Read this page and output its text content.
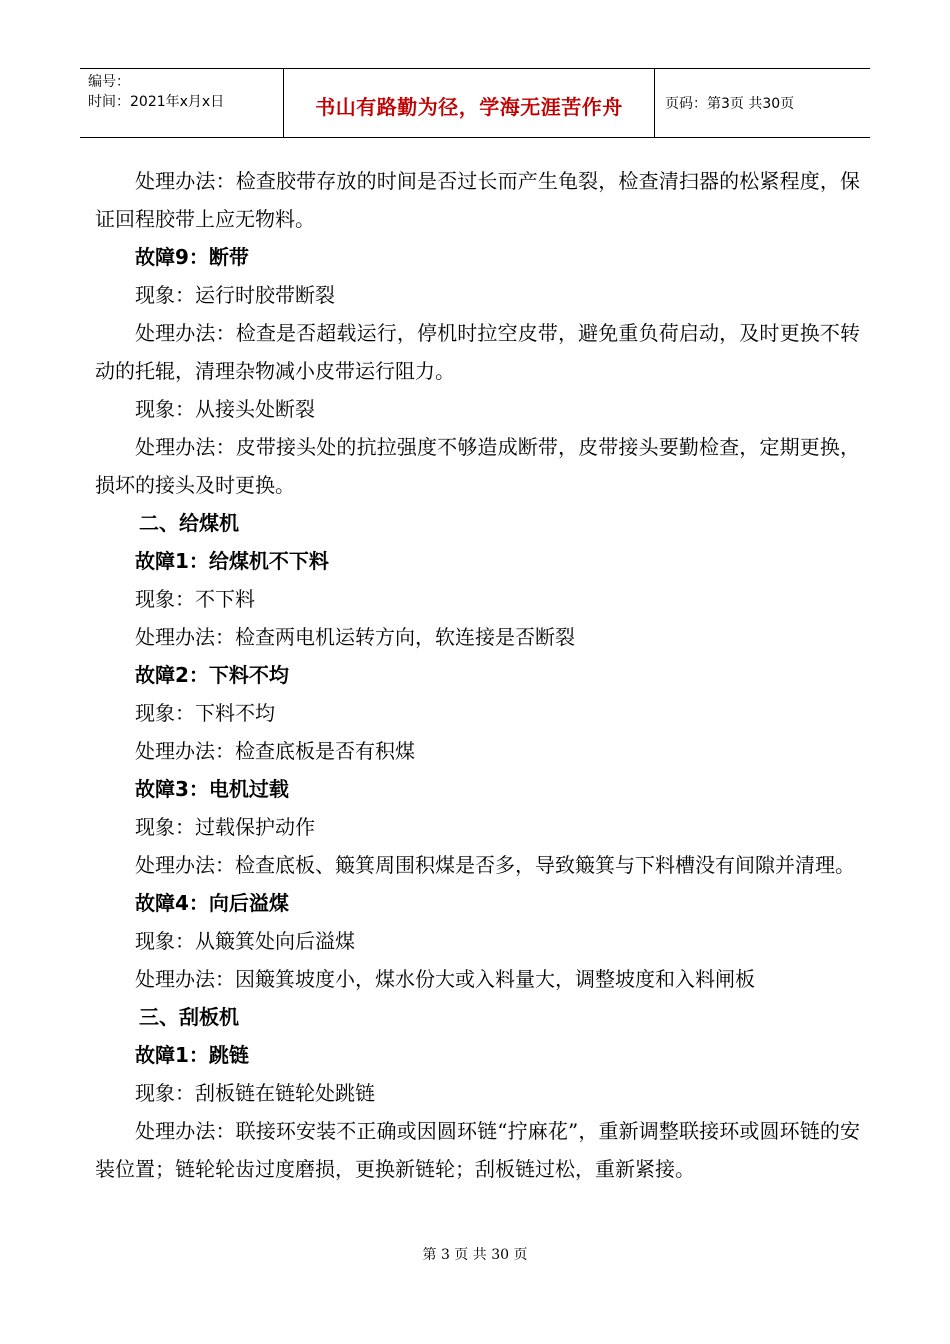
编号：
时间：2021年x月x日	书山有路勤为径，学海无涯苦作舟	页码：第3页 共30页

处理办法：检查胶带存放的时间是否过长而产生龟裂，检查清扫器的松紧程度，保证回程胶带上应无物料。

故障9：断带

现象：运行时胶带断裂

处理办法：检查是否超载运行，停机时拉空皮带，避免重负荷启动，及时更换不转动的托辊，清理杂物减小皮带运行阻力。

现象：从接头处断裂

处理办法：皮带接头处的抗拉强度不够造成断带，皮带接头要勤检查，定期更换，损坏的接头及时更换。

二、给煤机

故障1：给煤机不下料

现象：不下料

处理办法：检查两电机运转方向，软连接是否断裂

故障2：下料不均

现象：下料不均

处理办法：检查底板是否有积煤

故障3：电机过载

现象：过载保护动作

处理办法：检查底板、簸箕周围积煤是否多，导致簸箕与下料槽没有间隙并清理。

故障4：向后溢煤

现象：从簸箕处向后溢煤

处理办法：因簸箕坡度小，煤水份大或入料量大，调整坡度和入料闸板

三、刮板机

故障1：跳链

现象：刮板链在链轮处跳链

处理办法：联接环安装不正确或因圆环链“拧麻花”，重新调整联接环或圆环链的安装位置；链轮轮齿过度磨损，更换新链轮；刮板链过松，重新紧接。

第 3 页 共 30 页
